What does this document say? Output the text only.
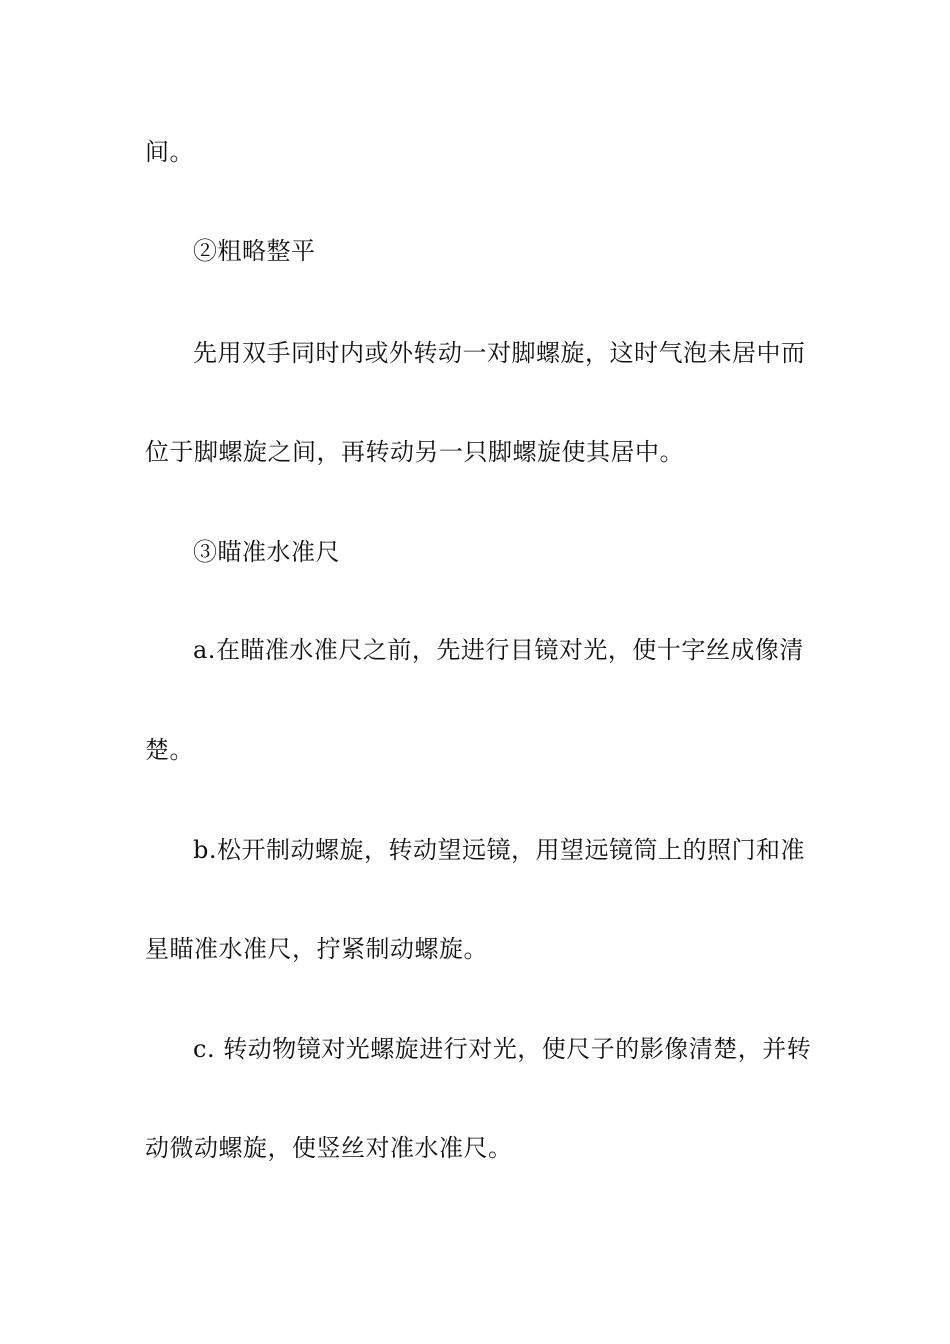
间。
②粗略整平
先用双手同时内或外转动一对脚螺旋，这时气泡未居中而
位于脚螺旋之间，再转动另一只脚螺旋使其居中。
③瞄准水准尺
a.在瞄准水准尺之前，先进行目镜对光，使十字丝成像清
楚。
b.松开制动螺旋，转动望远镜，用望远镜筒上的照门和准
星瞄准水准尺，拧紧制动螺旋。
c. 转动物镜对光螺旋进行对光，使尺子的影像清楚，并转
动微动螺旋，使竖丝对准水准尺。
